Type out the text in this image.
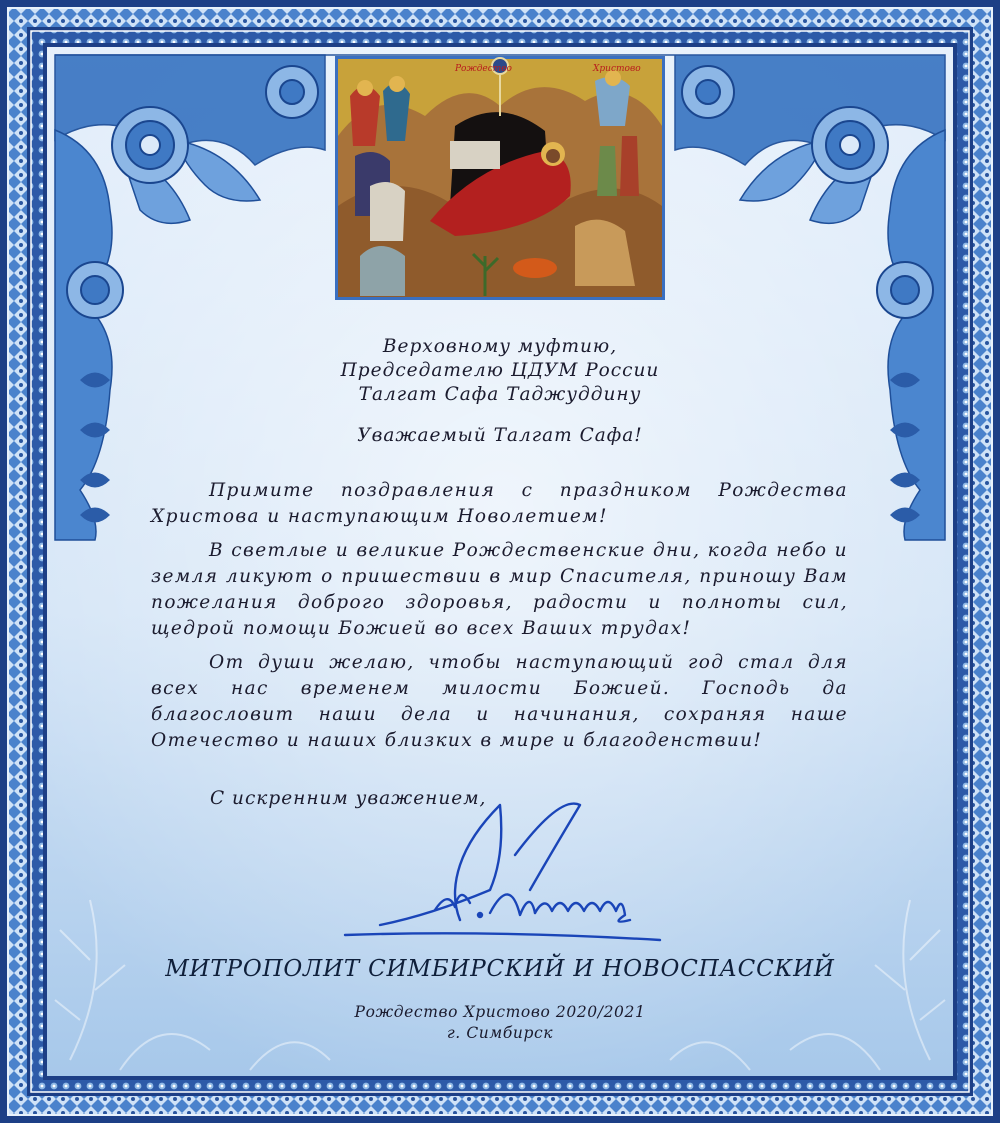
Рождество	Христово
Верховному муфтию,
Председателю ЦДУМ России
Талгат Сафа Таджуддину
Уважаемый Талгат Сафа!

Примите поздравления с праздником Рождества Христова и наступающим Новолетием!

В светлые и великие Рождественские дни, когда небо и земля ликуют о пришествии в мир Спасителя, приношу Вам пожелания доброго здоровья, радости и полноты сил, щедрой помощи Божией во всех Ваших трудах!

От души желаю, чтобы наступающий год стал для всех нас временем милости Божией. Господь да благословит наши дела и начинания, сохраняя наше Отечество и наших близких в мире и благоденствии!

С искренним уважением,
МИТРОПОЛИТ СИМБИРСКИЙ И НОВОСПАССКИЙ
Рождество Христово 2020/2021
г. Симбирск
